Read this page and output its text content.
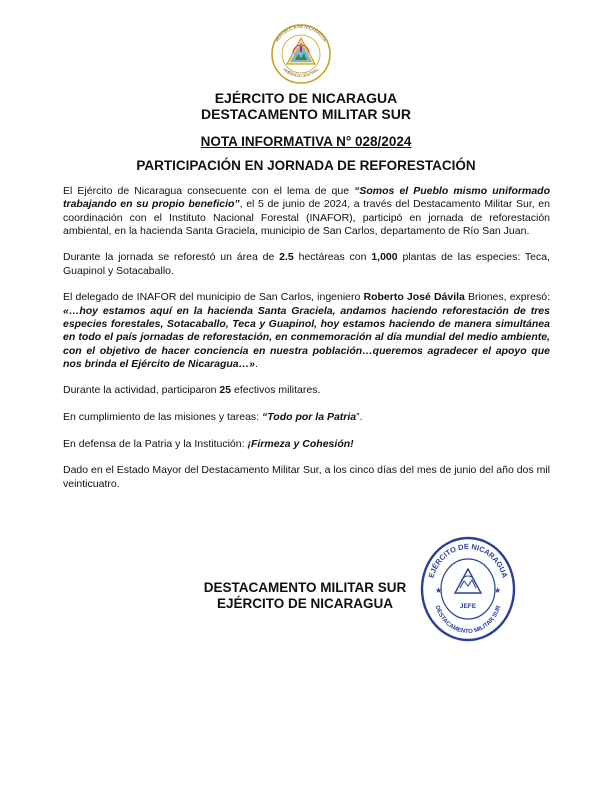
REPÚBLICA DE NICARAGUA
AMÉRICA CENTRAL
EJÉRCITO DE NICARAGUA
DESTACAMENTO MILITAR SUR
NOTA INFORMATIVA N° 028/2024
PARTICIPACIÓN EN JORNADA DE REFORESTACIÓN

El Ejército de Nicaragua consecuente con el lema de que “Somos el Pueblo mismo uniformado trabajando en su propio beneficio”, el 5 de junio de 2024, a través del Destacamento Militar Sur, en coordinación con el Instituto Nacional Forestal (INAFOR), participó en jornada de reforestación ambiental, en la hacienda Santa Graciela, municipio de San Carlos, departamento de Río San Juan.

Durante la jornada se reforestó un área de 2.5 hectáreas con 1,000 plantas de las especies: Teca, Guapinol y Sotacaballo.

El delegado de INAFOR del municipio de San Carlos, ingeniero Roberto José Dávila Briones, expresó: «…hoy estamos aquí en la hacienda Santa Graciela, andamos haciendo reforestación de tres especies forestales, Sotacaballo, Teca y Guapinol, hoy estamos haciendo de manera simultánea en todo el país jornadas de reforestación, en conmemoración al día mundial del medio ambiente, con el objetivo de hacer conciencia en nuestra población…queremos agradecer el apoyo que nos brinda el Ejército de Nicaragua…».

Durante la actividad, participaron 25 efectivos militares.

En cumplimiento de las misiones y tareas: “Todo por la Patria”.

En defensa de la Patria y la Institución: ¡Firmeza y Cohesión!

Dado en el Estado Mayor del Destacamento Militar Sur, a los cinco días del mes de junio del año dos mil veinticuatro.

DESTACAMENTO MILITAR SUR
EJÉRCITO DE NICARAGUA
EJÉRCITO DE NICARAGUA
DESTACAMENTO MILITAR SUR
★	★
JEFE
